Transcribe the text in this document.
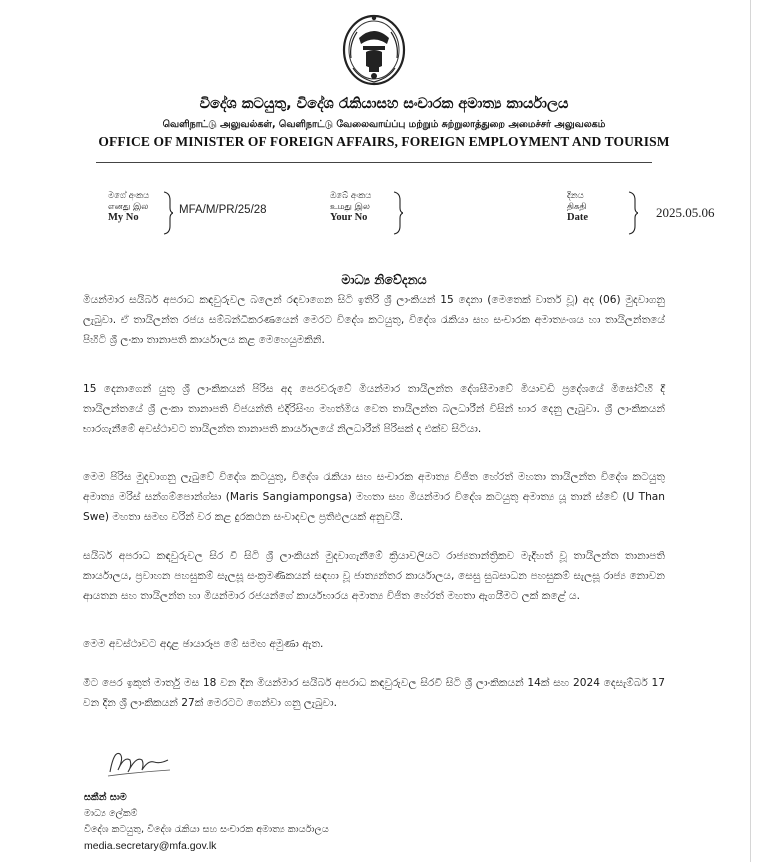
විදේශ කටයුතු, විදේශ රැකියාසහ සංචාරක අමාත්‍ය කාර්යාලය
வெளிநாட்டு அலுவல்கள், வெளிநாட்டு வேலைவாய்ப்பு மற்றும் சுற்றுலாத்துறை அமைச்சர் அலுவலகம்
OFFICE OF MINISTER OF FOREIGN AFFAIRS, FOREIGN EMPLOYMENT AND TOURISM
මගේ අංකය
எனது இல
My No
MFA/M/PR/25/28
ඔබේ අංකය
உமது இல
Your No
දිනය
திகதி
Date	2025.05.06
මාධ්‍ය නිවේදනය
මියන්මාර සයිබර් අපරාධ කඳවුරුවල බලෙන් රඳවාගෙන සිටි ඉතිරි ශ්‍රී ලාංකියන් 15 දෙනා (මෙතෙක් වාතර් වූ) අද (06) මුදවාගනු ලැබුවා. ඒ තායිලන්ත රජය සම්බන්ධීකරණයෙන් මෙරට විදේශ කටයුතු, විදේශ රැකියා සහ සංචාරක අමාත්‍යංශය හා තායිලන්තයේ පිහිටි ශ්‍රී ලංකා තානාපති කාර්යාලය කළ මෙහෙයුමකිනි.
15 දෙනාගෙන් යුතු ශ්‍රී ලාංකිකයන් පිරිස අද පෙරවරුවේ මියන්මාර තායිලන්ත දේශසීමාවේ මියාවඩි ප්‍රදේශයේ මිසෝට්හි දී තායිලන්තයේ ශ්‍රී ලංකා තානාපති විජයන්ති එදිරිසිංහ මහත්මිය වෙත තායිලන්ත බලධාරීන් විසින් භාර දෙනු ලැබුවා. ශ්‍රී ලාංකිකයන් භාරගැනීමේ අවස්ථාවට තායිලන්ත තානාපති කාර්යාලයේ නිලධාරීන් පිරිසක් ද එක්ව සිටියා.
මෙම පිරිස මුදවාගනු ලැබුවේ විදේශ කටයුතු, විදේශ රැකියා සහ සංචාරක අමාත්‍ය විජිත හේරත් මහතා තායිලන්ත විදේශ කටයුතු අමාත්‍ය මරිස් සන්ගම්පොන්ග්සා (Maris Sangiampongsa) මහතා සහ මියන්මාර විදේශ කටයුතු අමාත්‍ය යූ තාන් ස්වේ (U Than Swe) මහතා සමඟ වරින් වර කළ දුරකථන සංවාදවල ප්‍රතිඵලයක් අනුවයි.
සයිබර් අපරාධ කඳවුරුවල සිර වී සිටි ශ්‍රී ලාංකියන් මුදවාගැනීමේ ක්‍රියාවලියට රාජ්‍යතාන්ත්‍රිකව මැදිහත් වූ තායිලන්ත තානාපති කාර්යාලය, ප්‍රවාහන පහසුකම් සැලසූ සංක්‍රමණිකයන් සඳහා වූ ජාත්‍යන්තර කාර්යාලය, සෙසු සුබසාධන පහසුකම් සැලසූ රාජ්‍ය නොවන ආයතන සහ තායිලන්ත හා මියන්මාර රජයන්ගේ කාර්යභාරය අමාත්‍ය විජිත හේරත් මහතා ඇගයීමට ලක් කළේ ය.
මෙම අවස්ථාවට අදාළ ඡායාරූප මේ සමඟ අමුණා ඇත.
මීට පෙර ඉකුත් මාර්තු මස 18 වන දින මියන්මාර සයිබර් අපරාධ කඳවුරුවල සිරවී සිටි ශ්‍රී ලාංකිකයන් 14ක් සහ 2024 දෙසැම්බර් 17 වන දින ශ්‍රී ලාංකිකයන් 27ක් මෙරටට ගෙන්වා ගනු ලැබුවා.
සකීන් සාම
මාධ්‍ය ලේකම්
විදේශ කටයුතු, විදේශ රැකියා සහ සංචාරක අමාත්‍ය කාර්යාලය
media.secretary@mfa.gov.lk
